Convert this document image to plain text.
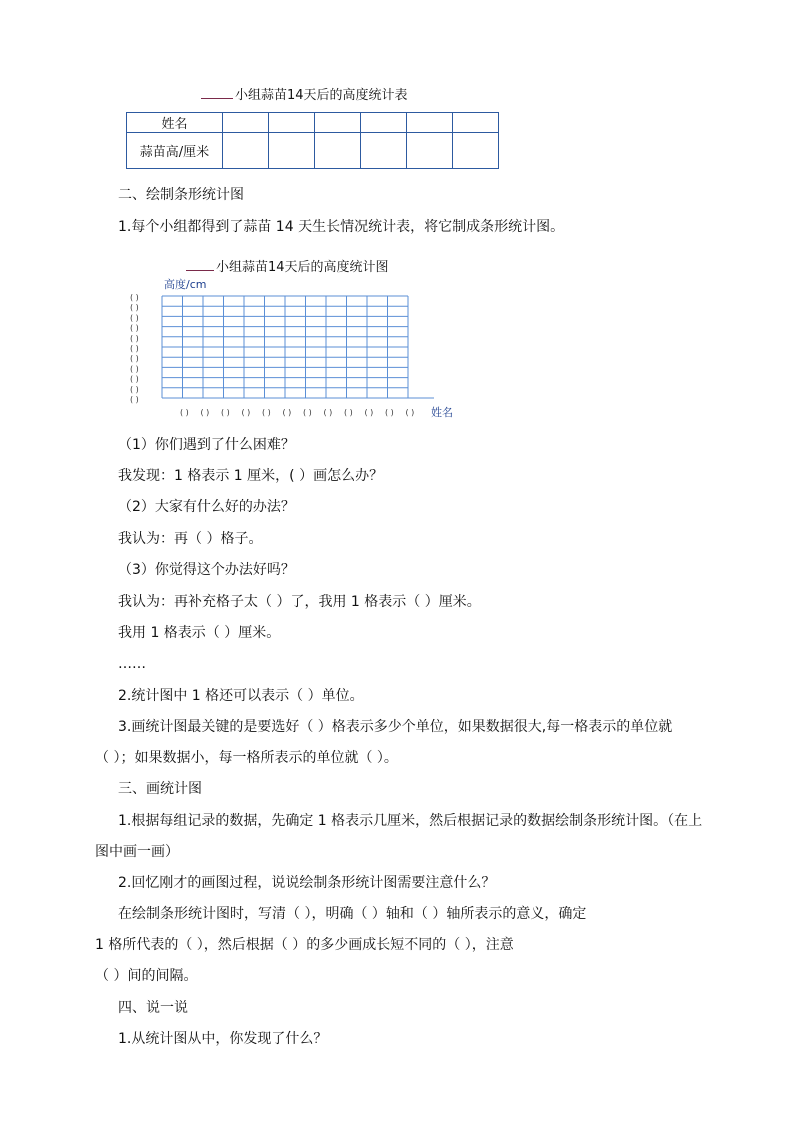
小组蒜苗14天后的高度统计表
姓名						
蒜苗高/厘米						
二、绘制条形统计图
1.每个小组都得到了蒜苗 14 天生长情况统计表，将它制成条形统计图。
小组蒜苗14天后的高度统计图
高度/cm
姓名
( )
( )
( )
( )
( )
( )
( )
( )
( )
( )
( )
( ) ( ) ( ) ( ) ( ) ( ) ( ) ( ) ( ) ( ) ( ) ( )
（1）你们遇到了什么困难？
我发现：1 格表示 1 厘米，( ）画怎么办？
（2）大家有什么好的办法？
我认为：再（ ）格子。
（3）你觉得这个办法好吗？
我认为：再补充格子太（ ）了，我用 1 格表示（ ）厘米。
我用 1 格表示（ ）厘米。
……
2.统计图中 1 格还可以表示（ ）单位。
3.画统计图最关键的是要选好（ ）格表示多少个单位，如果数据很大,每一格表示的单位就
（ ）；如果数据小，每一格所表示的单位就（ ）。
三、画统计图
1.根据每组记录的数据，先确定 1 格表示几厘米，然后根据记录的数据绘制条形统计图。（在上
图中画一画）
2.回忆刚才的画图过程，说说绘制条形统计图需要注意什么？
在绘制条形统计图时，写清（ ），明确（ ）轴和（ ）轴所表示的意义，确定
1 格所代表的（ ），然后根据（ ）的多少画成长短不同的（ ），注意
（ ）间的间隔。
四、说一说
1.从统计图从中，你发现了什么？
